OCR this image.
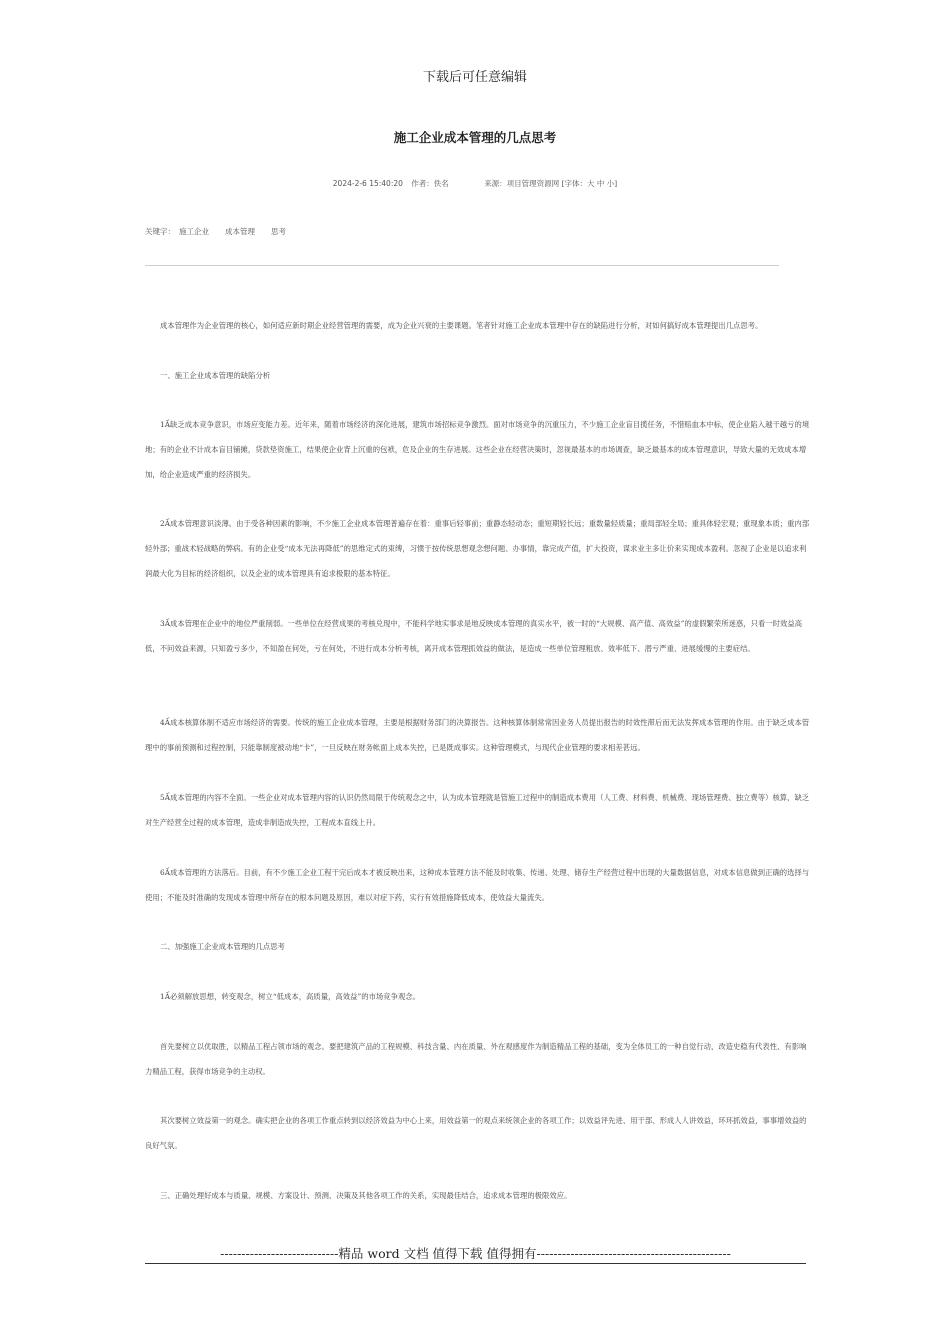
下载后可任意编辑
施工企业成本管理的几点思考
2024-2-6 15:40:20 作者：佚名	来源：项目管理资源网 [字体：大 中 小]
关键字： 施工企业 成本管理 思考

成本管理作为企业管理的核心，如何适应新时期企业经营管理的需要，成为企业兴衰的主要课题。笔者针对施工企业成本管理中存在的缺陷进行分析，对如何搞好成本管理提出几点思考。

一、施工企业成本管理的缺陷分析

1Ấ缺乏成本竞争意识，市场应变能力差。近年来，随着市场经济的深化进展，建筑市场招标竞争激烈。面对市场竞争的沉重压力，不少施工企业盲目揽任务，不惜赔血本中标，使企业陷入越干越亏的境地；有的企业不计成本盲目铺摊，贷款垫资施工，结果使企业背上沉重的包袱，危及企业的生存进展。这些企业在经营决策时，忽视最基本的市场调查，缺乏最基本的成本管理意识，导致大量的无效成本增加，给企业造成严重的经济损失。

2Ấ成本管理意识淡薄。由于受各种因素的影响，不少施工企业成本管理普遍存在着：重事后轻事前；重静态轻动态；重短期轻长远；重数量轻质量；重局部轻全局；重具体轻宏观；重现象本质；重内部轻外部；重战术轻战略的弊病。有的企业受“成本无法再降低”的思维定式的束缚，习惯于按传统思想观念想问题、办事情，靠完成产值，扩大投资，谋求业主多让价来实现成本盈利。忽视了企业是以追求利润最大化为目标的经济组织，以及企业的成本管理具有追求极限的基本特征。

3Ấ成本管理在企业中的地位严重削弱。一些单位在经营成果的考核兑现中，不能科学地实事求是地反映成本管理的真实水平，被一时的“大规模、高产值、高效益”的虚假繁荣所迷惑，只看一时效益高低，不问效益来源，只知盈亏多少，不知盈在何处，亏在何处，不进行成本分析考核，离开成本管理抓效益的做法，是造成一些单位管理粗放、效率低下、潜亏严重、进展缓慢的主要症结。

4Ấ成本核算体制不适应市场经济的需要。传统的施工企业成本管理，主要是根据财务部门的决算报告。这种核算体制常常因业务人员提出报告的时效性滞后而无法发挥成本管理的作用。由于缺乏成本管理中的事前预测和过程控制，只能靠制度被动地“卡”，一旦反映在财务帐面上成本失控，已是既成事实。这种管理模式，与现代企业管理的要求相差甚远。

5Ấ成本管理的内容不全面。一些企业对成本管理内容的认识仍然局限于传统观念之中，认为成本管理就是管施工过程中的制造成本费用（人工费、材料费、机械费、现场管理费、独立费等）核算，缺乏对生产经营全过程的成本管理，造成非制造成失控，工程成本直线上升。

6Ấ成本管理的方法落后。目前，有不少施工企业工程干完后成本才被反映出来，这种成本管理方法不能及时收集、传递、处理、储存生产经营过程中出现的大量数据信息，对成本信息做到正确的选择与使用；不能及时准确的发现成本管理中所存在的根本问题及原因，难以对症下药，实行有效措施降低成本，使效益大量流失。

二、加强施工企业成本管理的几点思考

1Ấ必须解放思想，转变观念，树立“低成本，高质量，高效益”的市场竞争观念。

首先要树立以优取胜，以精品工程占领市场的观念。要把建筑产品的工程规模、科技含量、内在质量、外在观感度作为制造精品工程的基础，变为全体员工的一种自觉行动，改造史稳有代表性、有影响力精品工程，获得市场竞争的主动权。

其次要树立效益第一的观念。确实把企业的各项工作重点转到以经济效益为中心上来，用效益第一的观点来统领企业的各项工作；以效益评先进、用干部、形成人人讲效益，环环抓效益，事事增效益的良好气氛。

三、正确处理好成本与质量、规模、方案设计、预测、决策及其他各项工作的关系，实现最佳结合，追求成本管理的极限效应。

----------------------------精品 word 文档 值得下载 值得拥有----------------------------------------------
